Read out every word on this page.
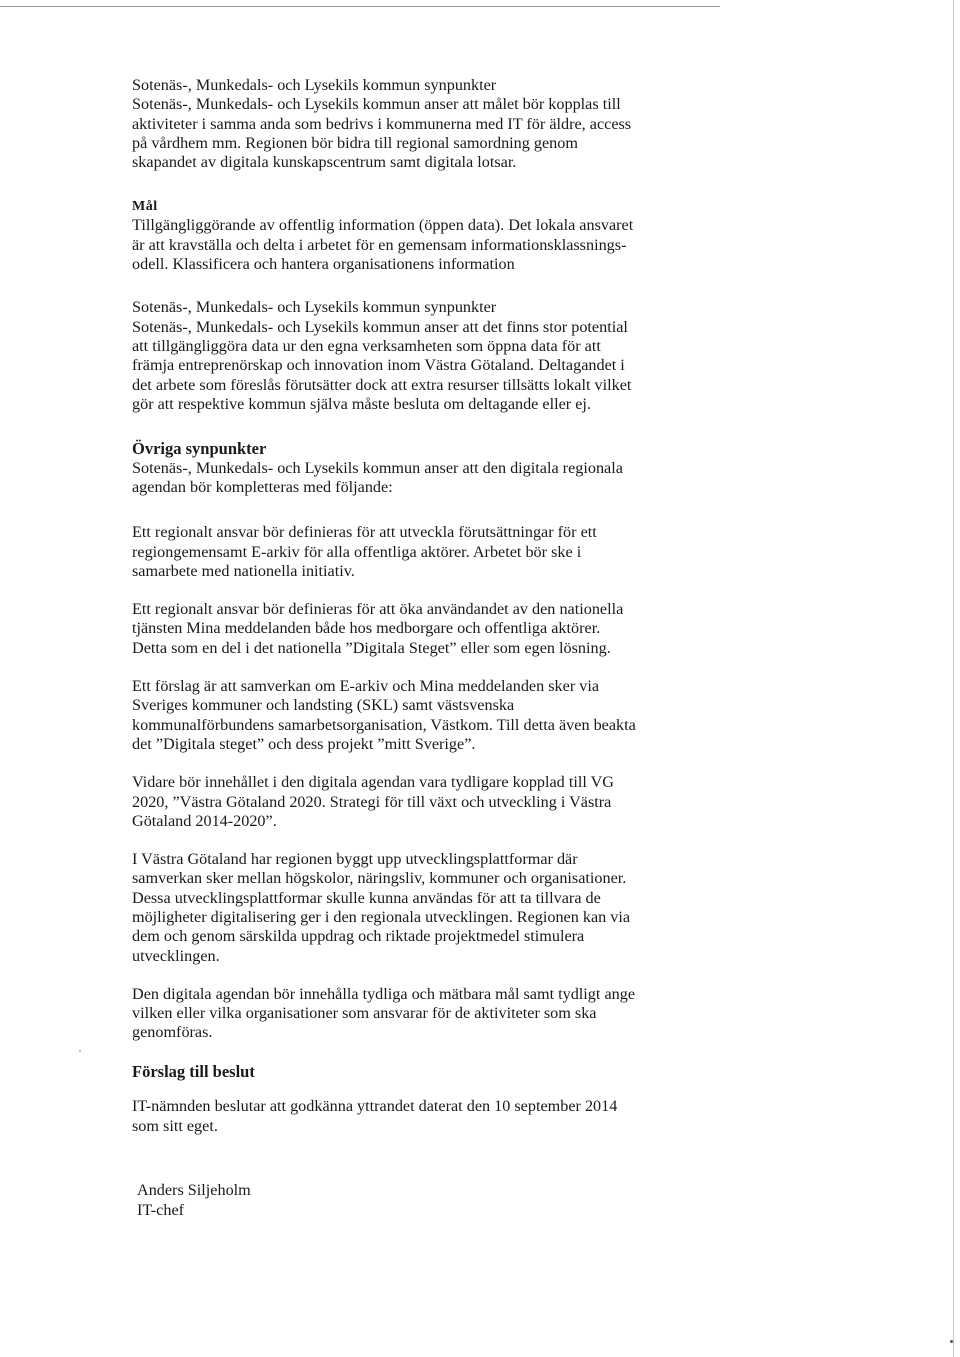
Sotenäs-, Munkedals- och Lysekils kommun synpunkter
Sotenäs-, Munkedals- och Lysekils kommun anser att målet bör kopplas till
aktiviteter i samma anda som bedrivs i kommunerna med IT för äldre, access
på vårdhem mm. Regionen bör bidra till regional samordning genom
skapandet av digitala kunskapscentrum samt digitala lotsar.
Mål
Tillgängliggörande av offentlig information (öppen data). Det lokala ansvaret
är att kravställa och delta i arbetet för en gemensam informationsklassnings-
odell. Klassificera och hantera organisationens information
Sotenäs-, Munkedals- och Lysekils kommun synpunkter
Sotenäs-, Munkedals- och Lysekils kommun anser att det finns stor potential
att tillgängliggöra data ur den egna verksamheten som öppna data för att
främja entreprenörskap och innovation inom Västra Götaland. Deltagandet i
det arbete som föreslås förutsätter dock att extra resurser tillsätts lokalt vilket
gör att respektive kommun själva måste besluta om deltagande eller ej.
Övriga synpunkter
Sotenäs-, Munkedals- och Lysekils kommun anser att den digitala regionala
agendan bör kompletteras med följande:
Ett regionalt ansvar bör definieras för att utveckla förutsättningar för ett
regiongemensamt E-arkiv för alla offentliga aktörer. Arbetet bör ske i
samarbete med nationella initiativ.
Ett regionalt ansvar bör definieras för att öka användandet av den nationella
tjänsten Mina meddelanden både hos medborgare och offentliga aktörer.
Detta som en del i det nationella ”Digitala Steget” eller som egen lösning.
Ett förslag är att samverkan om E-arkiv och Mina meddelanden sker via
Sveriges kommuner och landsting (SKL) samt västsvenska
kommunalförbundens samarbetsorganisation, Västkom. Till detta även beakta
det ”Digitala steget” och dess projekt ”mitt Sverige”.
Vidare bör innehållet i den digitala agendan vara tydligare kopplad till VG
2020, ”Västra Götaland 2020. Strategi för till växt och utveckling i Västra
Götaland 2014-2020”.
I Västra Götaland har regionen byggt upp utvecklingsplattformar där
samverkan sker mellan högskolor, näringsliv, kommuner och organisationer.
Dessa utvecklingsplattformar skulle kunna användas för att ta tillvara de
möjligheter digitalisering ger i den regionala utvecklingen. Regionen kan via
dem och genom särskilda uppdrag och riktade projektmedel stimulera
utvecklingen.
Den digitala agendan bör innehålla tydliga och mätbara mål samt tydligt ange
vilken eller vilka organisationer som ansvarar för de aktiviteter som ska
genomföras.
Förslag till beslut
IT-nämnden beslutar att godkänna yttrandet daterat den 10 september 2014
som sitt eget.
Anders Siljeholm
IT-chef
